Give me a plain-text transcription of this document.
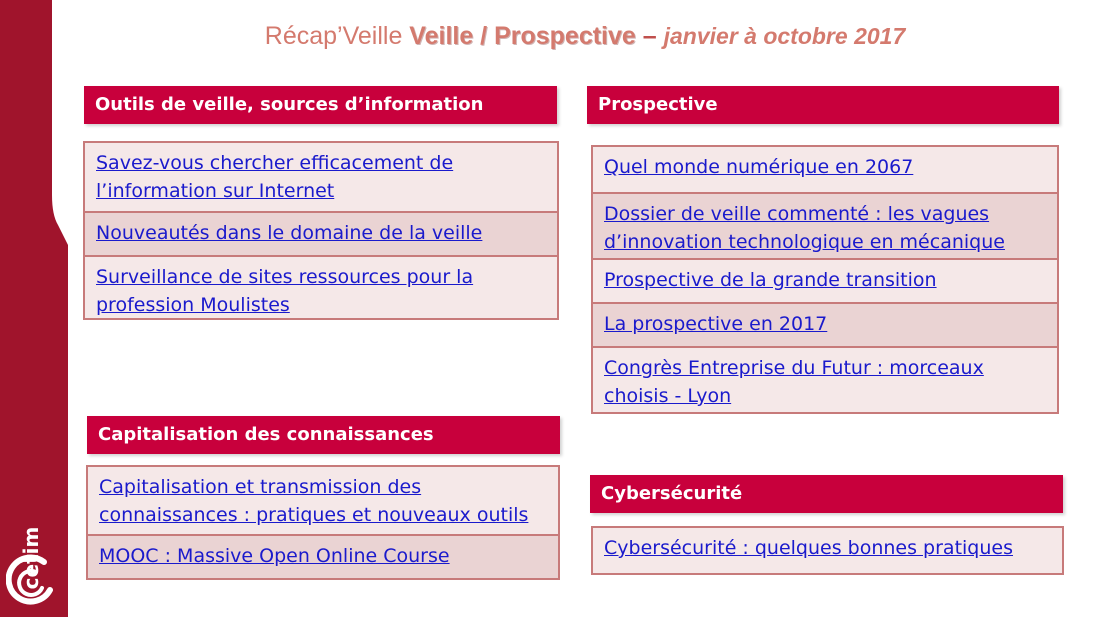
cetim
Récap’Veille Veille / Prospective – janvier à octobre 2017
Outils de veille, sources d’information
Savez-vous chercher efficacement de l’information sur Internet
Nouveautés dans le domaine de la veille
Surveillance de sites ressources pour la profession Moulistes
Capitalisation des connaissances
Capitalisation et transmission des connaissances : pratiques et nouveaux outils
MOOC : Massive Open Online Course
Prospective
Quel monde numérique en 2067
Dossier de veille commenté : les vagues d’innovation technologique en mécanique
Prospective de la grande transition
La prospective en 2017
Congrès Entreprise du Futur : morceaux choisis - Lyon
Cybersécurité
Cybersécurité : quelques bonnes pratiques
